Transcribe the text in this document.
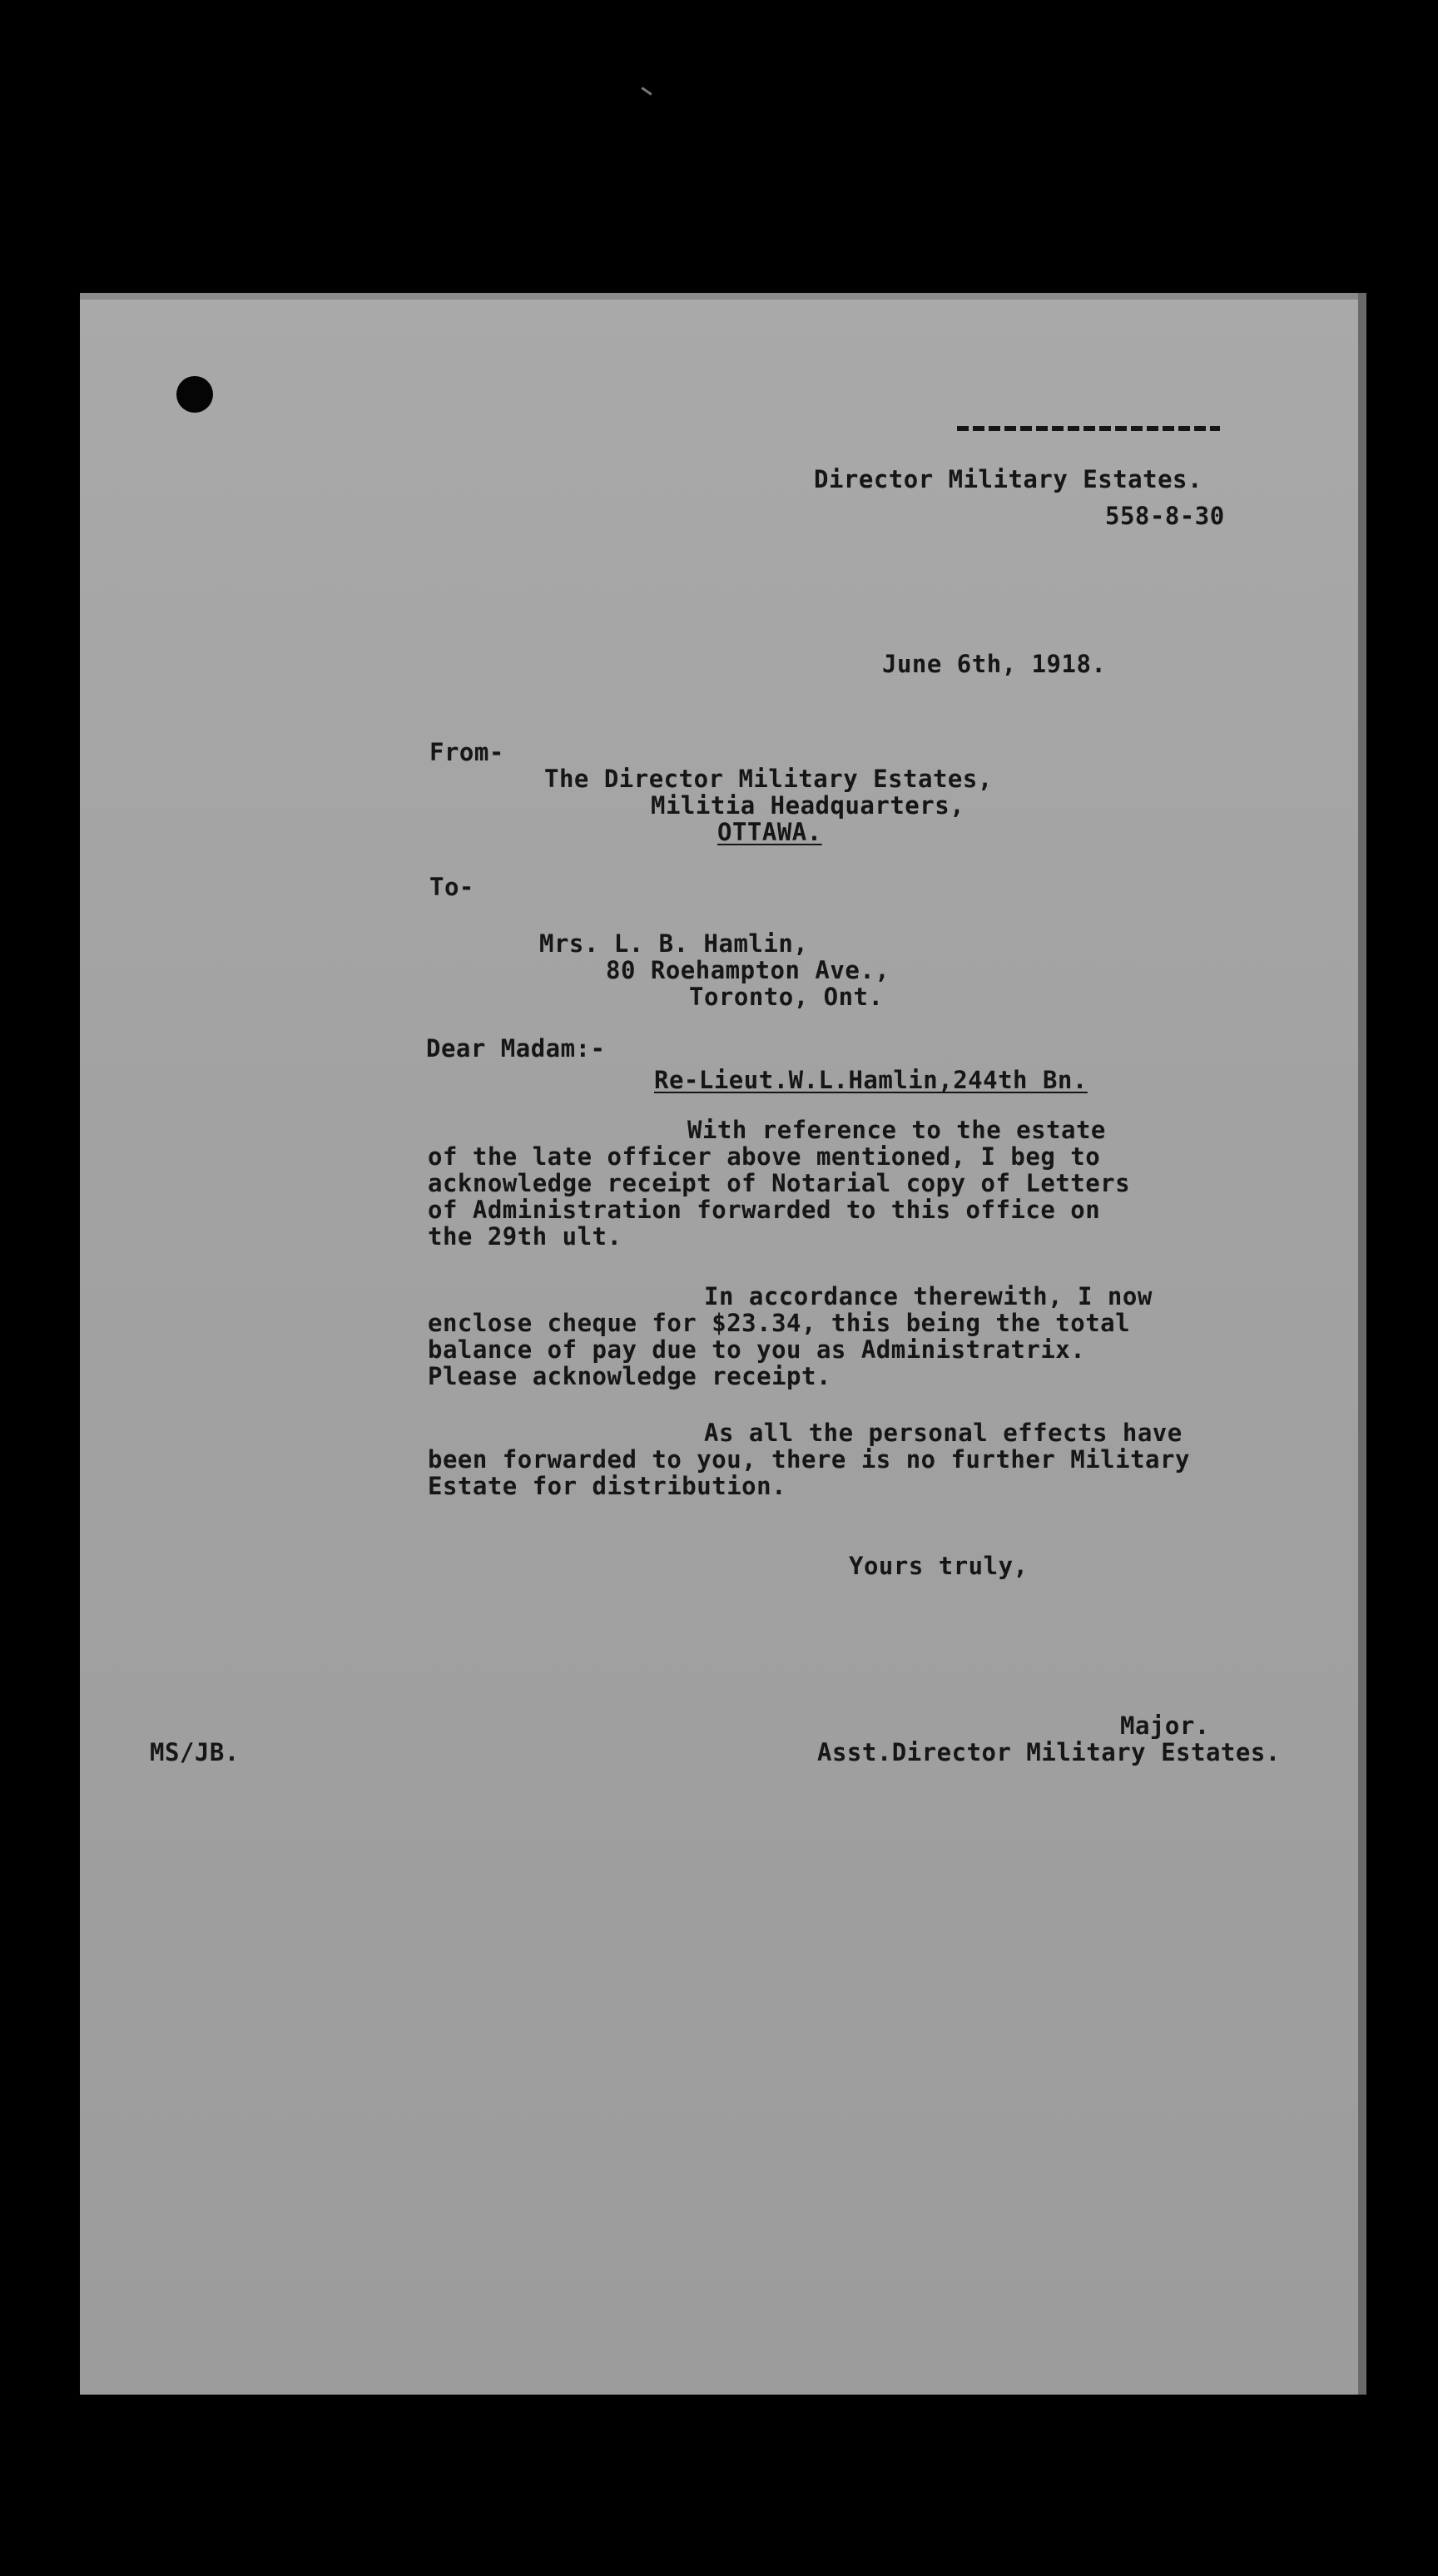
Director Military Estates.
558-8-30
June 6th, 1918.
From-
The Director Military Estates,
Militia Headquarters,
OTTAWA.
To-
Mrs. L. B. Hamlin,
80 Roehampton Ave.,
Toronto, Ont.
Dear Madam:-
Re-Lieut.W.L.Hamlin,244th Bn.
With reference to the estate
of the late officer above mentioned, I beg to
acknowledge receipt of Notarial copy of Letters
of Administration forwarded to this office on
the 29th ult.
In accordance therewith, I now
enclose cheque for $23.34, this being the total
balance of pay due to you as Administratrix.
Please acknowledge receipt.
As all the personal effects have
been forwarded to you, there is no further Military
Estate for distribution.
Yours truly,
Major.
Asst.Director Military Estates.
MS/JB.
